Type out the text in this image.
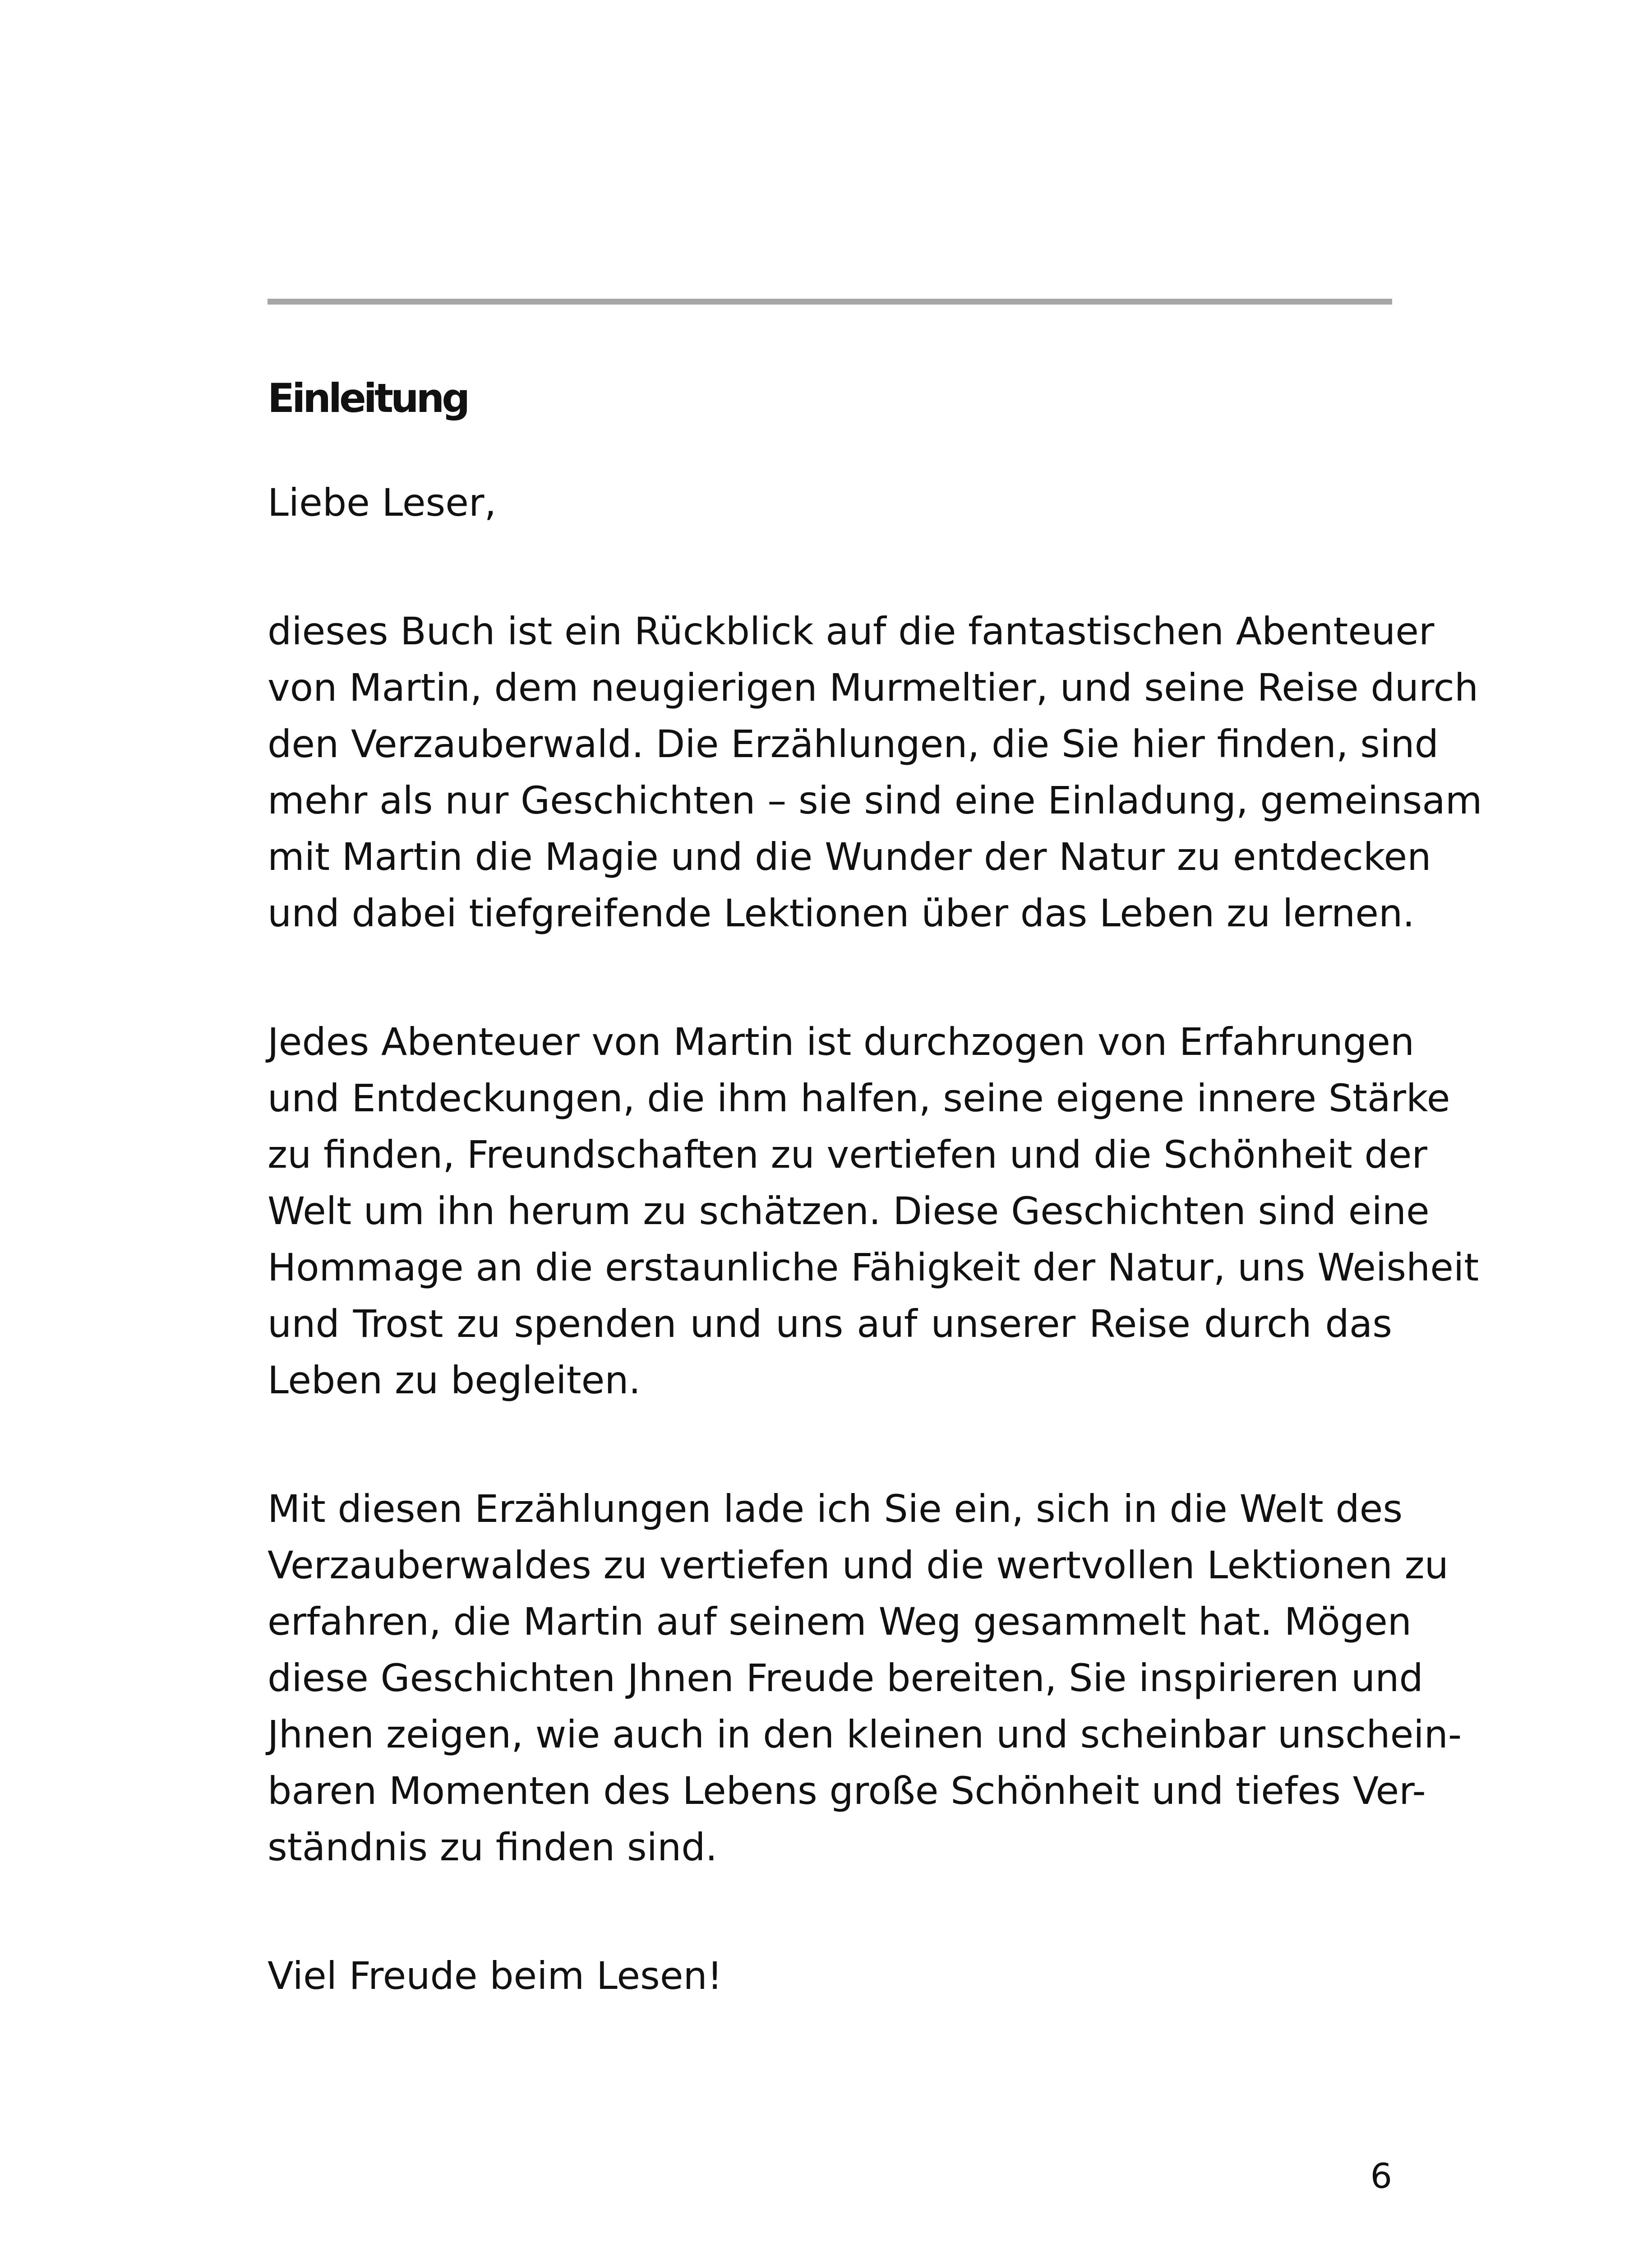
Einleitung
Liebe Leser,
dieses Buch ist ein Rückblick auf die fantastischen Abenteuer
von Martin, dem neugierigen Murmeltier, und seine Reise durch
den Verzauberwald. Die Erzählungen, die Sie hier finden, sind
mehr als nur Geschichten – sie sind eine Einladung, gemeinsam
mit Martin die Magie und die Wunder der Natur zu entdecken
und dabei tiefgreifende Lektionen über das Leben zu lernen.
Jedes Abenteuer von Martin ist durchzogen von Erfahrungen
und Entdeckungen, die ihm halfen, seine eigene innere Stärke
zu finden, Freundschaften zu vertiefen und die Schönheit der
Welt um ihn herum zu schätzen. Diese Geschichten sind eine
Hommage an die erstaunliche Fähigkeit der Natur, uns Weisheit
und Trost zu spenden und uns auf unserer Reise durch das
Leben zu begleiten.
Mit diesen Erzählungen lade ich Sie ein, sich in die Welt des
Verzauberwaldes zu vertiefen und die wertvollen Lektionen zu
erfahren, die Martin auf seinem Weg gesammelt hat. Mögen
diese Geschichten Jhnen Freude bereiten, Sie inspirieren und
Jhnen zeigen, wie auch in den kleinen und scheinbar unschein-
baren Momenten des Lebens große Schönheit und tiefes Ver-
ständnis zu finden sind.
Viel Freude beim Lesen!
6
